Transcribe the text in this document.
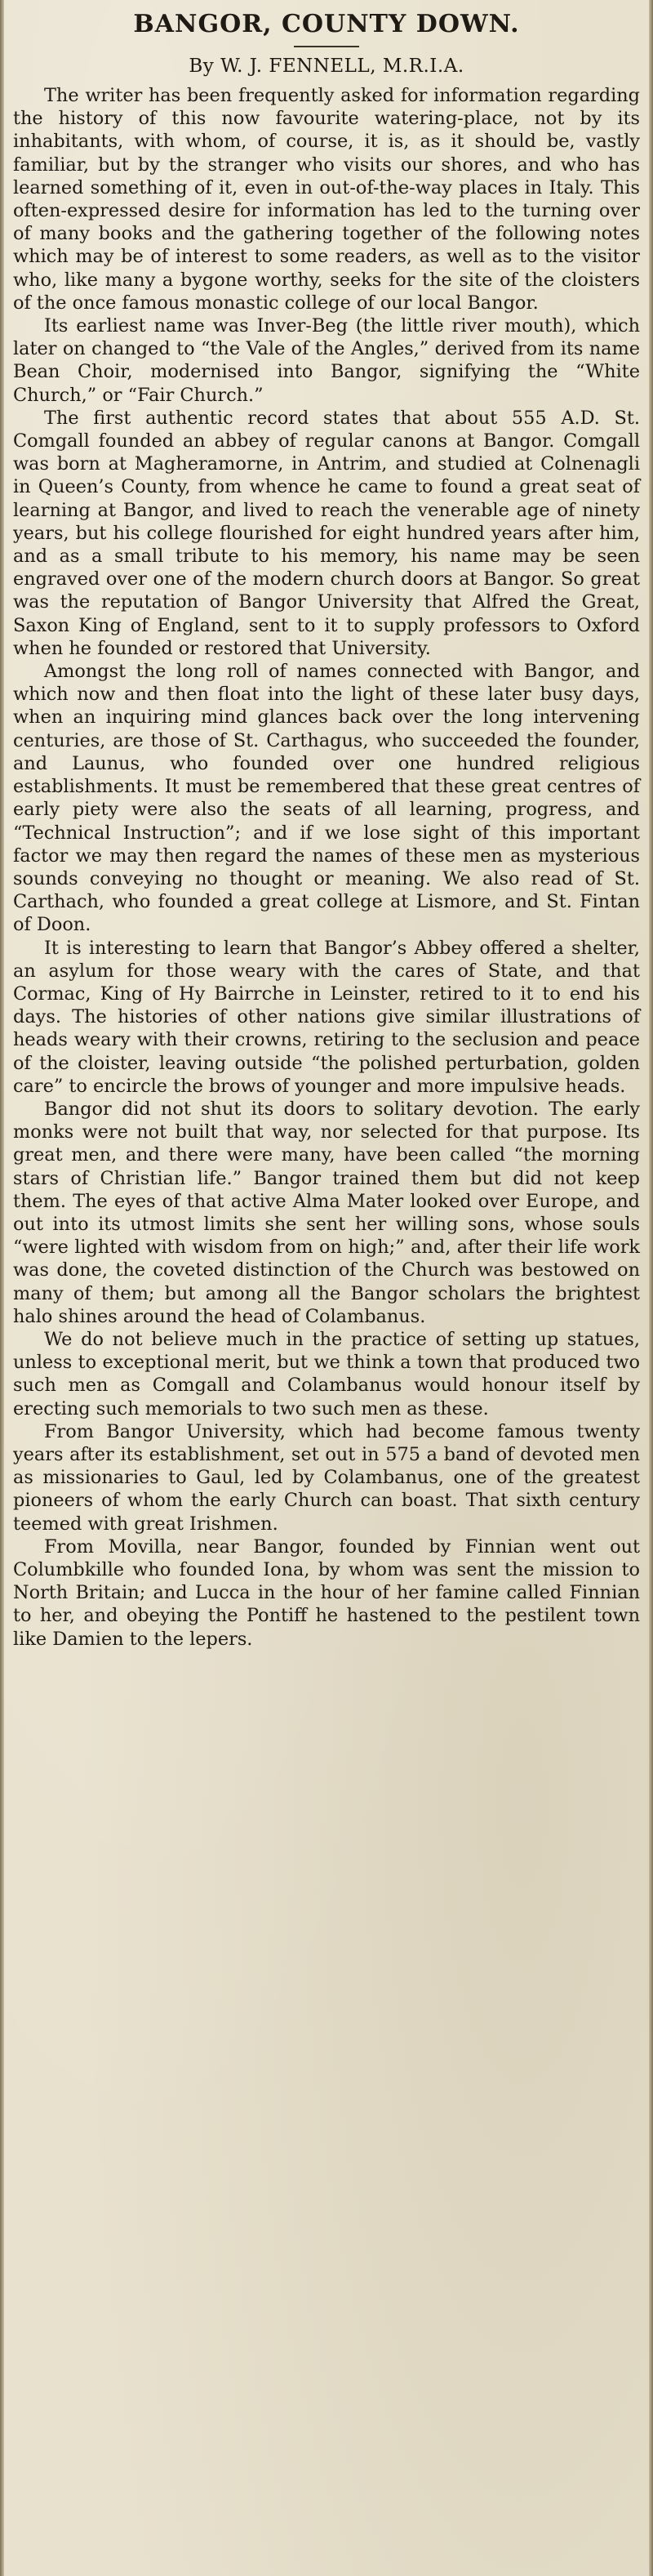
BANGOR, COUNTY DOWN.
By W. J. FENNELL, M.R.I.A.

The writer has been frequently asked for information regarding the history of this now favourite watering-place, not by its inhabitants, with whom, of course, it is, as it should be, vastly familiar, but by the stranger who visits our shores, and who has learned something of it, even in out-of-the-way places in Italy. This often-expressed desire for information has led to the turning over of many books and the gathering together of the following notes which may be of interest to some readers, as well as to the visitor who, like many a bygone worthy, seeks for the site of the cloisters of the once famous monastic college of our local Bangor.

Its earliest name was Inver-Beg (the little river mouth), which later on changed to “the Vale of the Angles,” derived from its name Bean Choir, modernised into Bangor, signifying the “White Church,” or “Fair Church.”

The first authentic record states that about 555 A.D. St. Comgall founded an abbey of regular canons at Bangor. Comgall was born at Magheramorne, in Antrim, and studied at Colnenagli in Queen’s County, from whence he came to found a great seat of learning at Bangor, and lived to reach the venerable age of ninety years, but his college flourished for eight hundred years after him, and as a small tribute to his memory, his name may be seen engraved over one of the modern church doors at Bangor. So great was the reputation of Bangor University that Alfred the Great, Saxon King of England, sent to it to supply professors to Oxford when he founded or restored that University.

Amongst the long roll of names connected with Bangor, and which now and then float into the light of these later busy days, when an inquiring mind glances back over the long intervening centuries, are those of St. Carthagus, who succeeded the founder, and Launus, who founded over one hundred religious establishments. It must be remembered that these great centres of early piety were also the seats of all learning, progress, and “Technical Instruction”; and if we lose sight of this important factor we may then regard the names of these men as mysterious sounds conveying no thought or meaning. We also read of St. Carthach, who founded a great college at Lismore, and St. Fintan of Doon.

It is interesting to learn that Bangor’s Abbey offered a shelter, an asylum for those weary with the cares of State, and that Cormac, King of Hy Bairrche in Leinster, retired to it to end his days. The histories of other nations give similar illustrations of heads weary with their crowns, retiring to the seclusion and peace of the cloister, leaving outside “the polished perturbation, golden care” to encircle the brows of younger and more impulsive heads.

Bangor did not shut its doors to solitary devotion. The early monks were not built that way, nor selected for that purpose. Its great men, and there were many, have been called “the morning stars of Christian life.” Bangor trained them but did not keep them. The eyes of that active Alma Mater looked over Europe, and out into its utmost limits she sent her willing sons, whose souls “were lighted with wisdom from on high;” and, after their life work was done, the coveted distinction of the Church was bestowed on many of them; but among all the Bangor scholars the brightest halo shines around the head of Colambanus.

We do not believe much in the practice of setting up statues, unless to exceptional merit, but we think a town that produced two such men as Comgall and Colambanus would honour itself by erecting such memorials to two such men as these.

From Bangor University, which had become famous twenty years after its establishment, set out in 575 a band of devoted men as missionaries to Gaul, led by Colambanus, one of the greatest pioneers of whom the early Church can boast. That sixth century teemed with great Irishmen.

From Movilla, near Bangor, founded by Finnian went out Columbkille who founded Iona, by whom was sent the mission to North Britain; and Lucca in the hour of her famine called Finnian to her, and obeying the Pontiff he hastened to the pestilent town like Damien to the lepers.
